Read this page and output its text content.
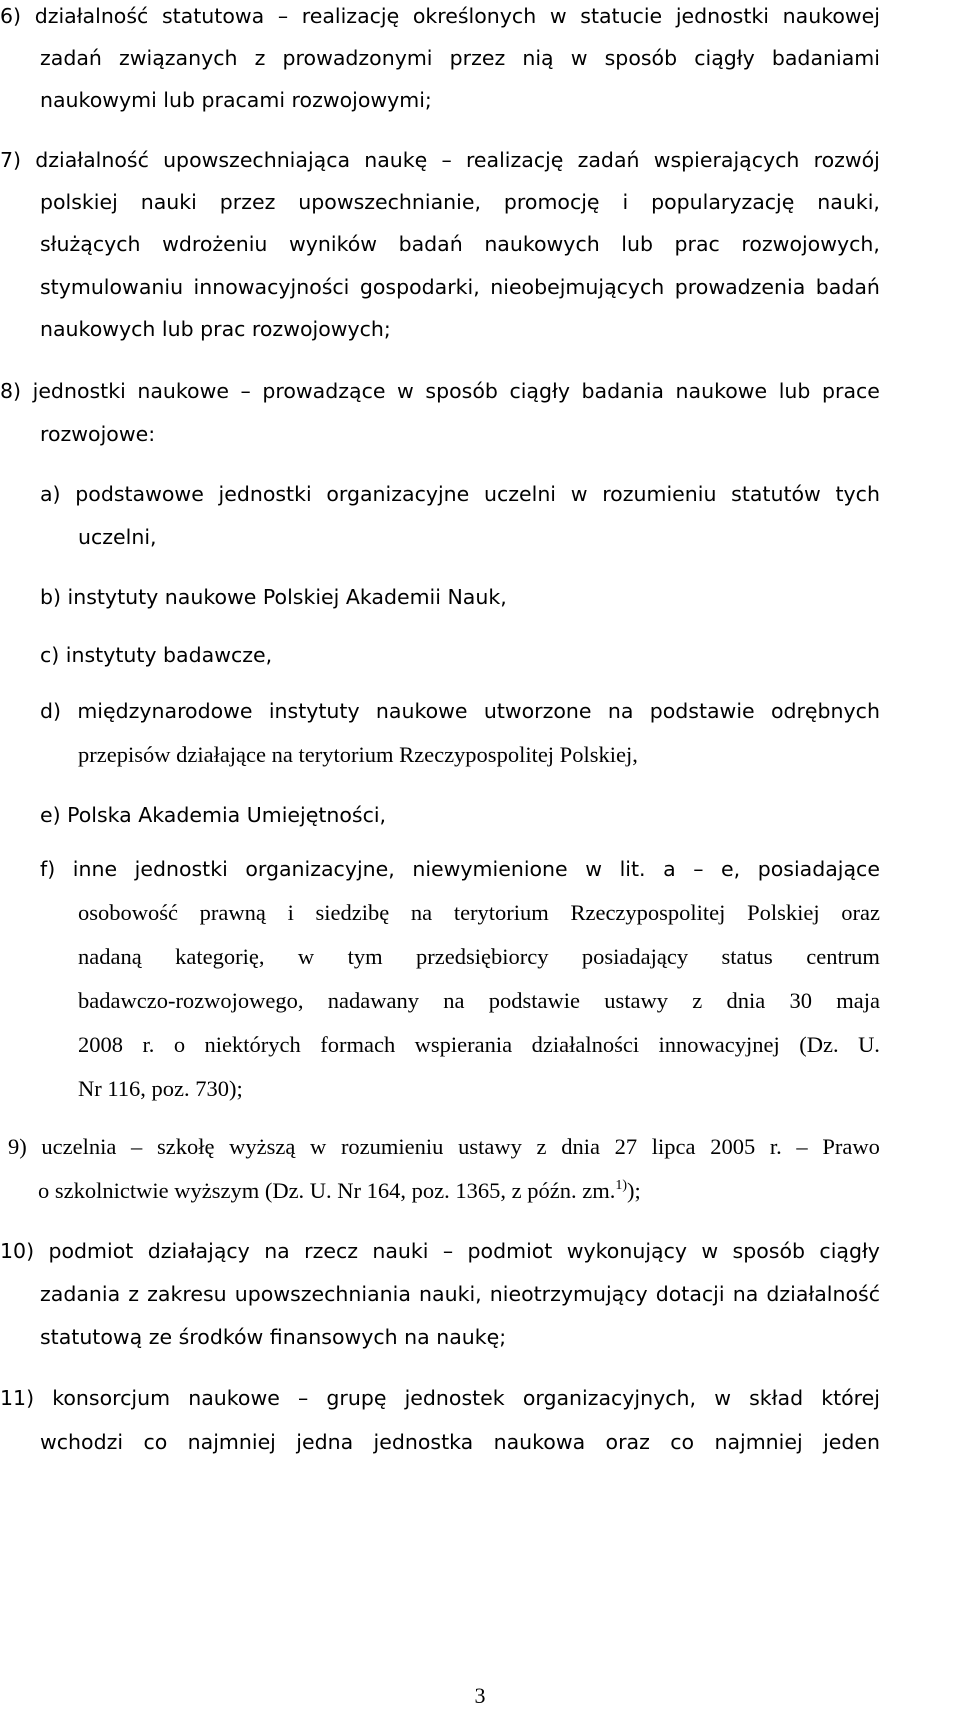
6) działalność statutowa – realizację określonych w statucie jednostki naukowej
zadań związanych z prowadzonymi przez nią w sposób ciągły badaniami
naukowymi lub pracami rozwojowymi;
7) działalność upowszechniająca naukę – realizację zadań wspierających rozwój
polskiej nauki przez upowszechnianie, promocję i popularyzację nauki,
służących wdrożeniu wyników badań naukowych lub prac rozwojowych,
stymulowaniu innowacyjności gospodarki, nieobejmujących prowadzenia badań
naukowych lub prac rozwojowych;
8) jednostki naukowe – prowadzące w sposób ciągły badania naukowe lub prace
rozwojowe:
a) podstawowe jednostki organizacyjne uczelni w rozumieniu statutów tych
uczelni,
b) instytuty naukowe Polskiej Akademii Nauk,
c) instytuty badawcze,
d) międzynarodowe instytuty naukowe utworzone na podstawie odrębnych
przepisów działające na terytorium Rzeczypospolitej Polskiej,
e) Polska Akademia Umiejętności,
f) inne jednostki organizacyjne, niewymienione w lit. a – e, posiadające
osobowość prawną i siedzibę na terytorium Rzeczypospolitej Polskiej oraz
nadaną kategorię, w tym przedsiębiorcy posiadający status centrum
badawczo-rozwojowego, nadawany na podstawie ustawy z dnia 30 maja
2008 r. o niektórych formach wspierania działalności innowacyjnej (Dz. U.
Nr 116, poz. 730);
9) uczelnia – szkołę wyższą w rozumieniu ustawy z dnia 27 lipca 2005 r. – Prawo
o szkolnictwie wyższym (Dz. U. Nr 164, poz. 1365, z późn. zm.$^{1)}$);
10) podmiot działający na rzecz nauki – podmiot wykonujący w sposób ciągły
zadania z zakresu upowszechniania nauki, nieotrzymujący dotacji na działalność
statutową ze środków finansowych na naukę;
11) konsorcjum naukowe – grupę jednostek organizacyjnych, w skład której
wchodzi co najmniej jedna jednostka naukowa oraz co najmniej jeden
3
